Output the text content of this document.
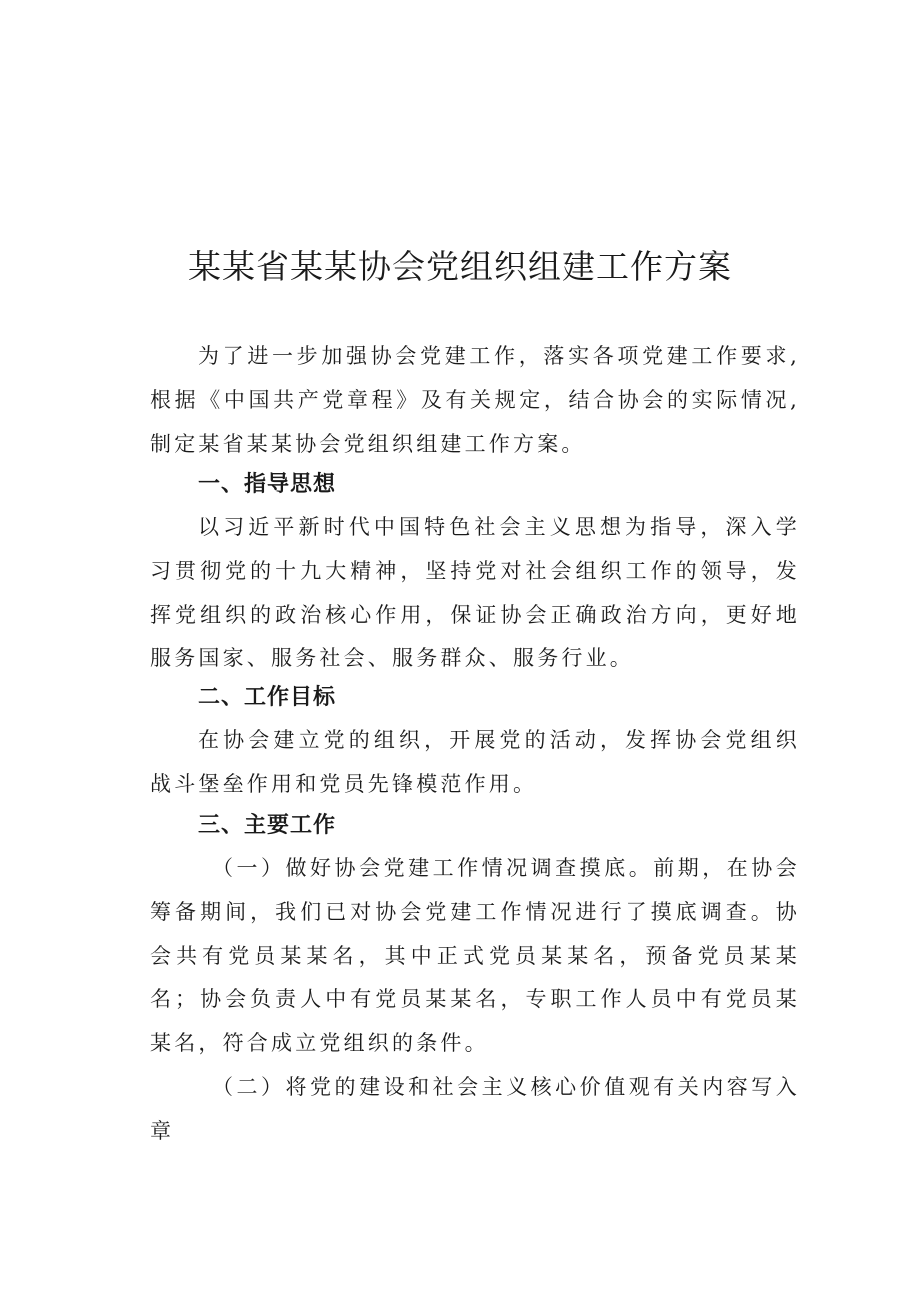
某某省某某协会党组织组建工作方案

为了进一步加强协会党建工作，落实各项党建工作要求,根据《中国共产党章程》及有关规定，结合协会的实际情况,制定某省某某协会党组织组建工作方案。

一、指导思想

以习近平新时代中国特色社会主义思想为指导，深入学习贯彻党的十九大精神，坚持党对社会组织工作的领导，发挥党组织的政治核心作用，保证协会正确政治方向，更好地服务国家、服务社会、服务群众、服务行业。

二、工作目标

在协会建立党的组织，开展党的活动，发挥协会党组织战斗堡垒作用和党员先锋模范作用。

三、主要工作

（一）做好协会党建工作情况调查摸底。前期，在协会筹备期间，我们已对协会党建工作情况进行了摸底调查。协会共有党员某某名，其中正式党员某某名，预备党员某某名；协会负责人中有党员某某名，专职工作人员中有党员某某名，符合成立党组织的条件。

（二）将党的建设和社会主义核心价值观有关内容写入章
